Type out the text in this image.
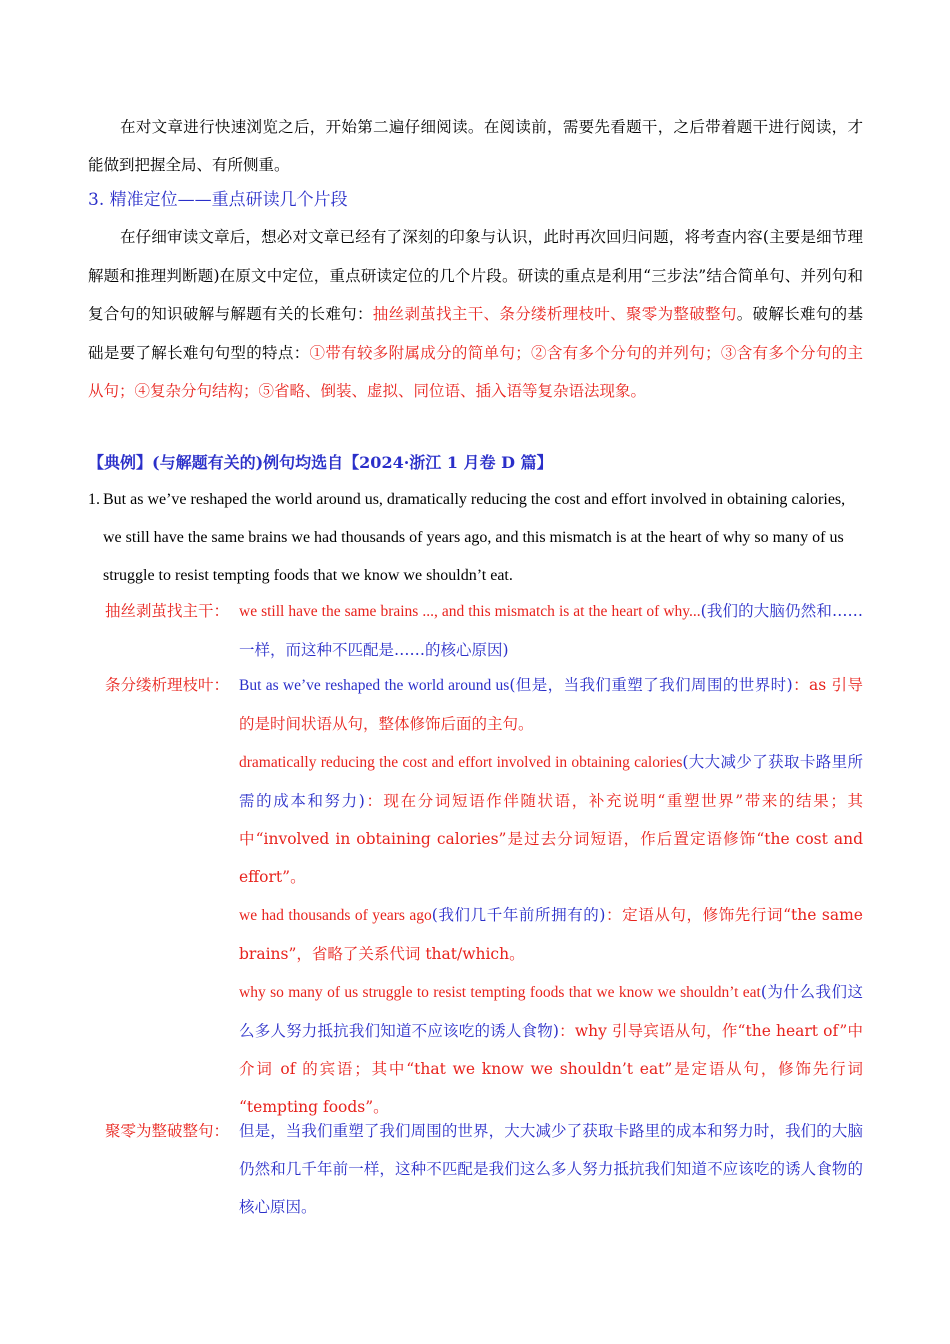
在对文章进行快速浏览之后，开始第二遍仔细阅读。在阅读前，需要先看题干，之后带着题干进行阅读，才能做到把握全局、有所侧重。
3. 精准定位——重点研读几个片段
在仔细审读文章后，想必对文章已经有了深刻的印象与认识，此时再次回归问题，将考查内容(主要是细节理解题和推理判断题)在原文中定位，重点研读定位的几个片段。研读的重点是利用“三步法”结合简单句、并列句和复合句的知识破解与解题有关的长难句：抽丝剥茧找主干、条分缕析理枝叶、聚零为整破整句。破解长难句的基础是要了解长难句句型的特点：①带有较多附属成分的简单句；②含有多个分句的并列句；③含有多个分句的主从句；④复杂分句结构；⑤省略、倒装、虚拟、同位语、插入语等复杂语法现象。
【典例】(与解题有关的)例句均选自【2024·浙江 1 月卷 D 篇】
1. But as we’ve reshaped the world around us, dramatically reducing the cost and effort involved in obtaining calories, we still have the same brains we had thousands of years ago, and this mismatch is at the heart of why so many of us struggle to resist tempting foods that we know we shouldn’t eat.
抽丝剥茧找主干： we still have the same brains ..., and this mismatch is at the heart of why...(我们的大脑仍然和……一样，而这种不匹配是……的核心原因)
条分缕析理枝叶： But as we’ve reshaped the world around us(但是，当我们重塑了我们周围的世界时)：as 引导的是时间状语从句，整体修饰后面的主句。
dramatically reducing the cost and effort involved in obtaining calories(大大减少了获取卡路里所需的成本和努力)：现在分词短语作伴随状语，补充说明“重塑世界”带来的结果；其中“involved in obtaining calories”是过去分词短语，作后置定语修饰“the cost and effort”。
we had thousands of years ago(我们几千年前所拥有的)：定语从句，修饰先行词“the same brains”，省略了关系代词 that/which。
why so many of us struggle to resist tempting foods that we know we shouldn’t eat(为什么我们这么多人努力抵抗我们知道不应该吃的诱人食物)：why 引导宾语从句，作“the heart of”中介词 of 的宾语；其中“that we know we shouldn’t eat”是定语从句，修饰先行词 “tempting foods”。
聚零为整破整句： 但是，当我们重塑了我们周围的世界，大大减少了获取卡路里的成本和努力时，我们的大脑仍然和几千年前一样，这种不匹配是我们这么多人努力抵抗我们知道不应该吃的诱人食物的核心原因。
